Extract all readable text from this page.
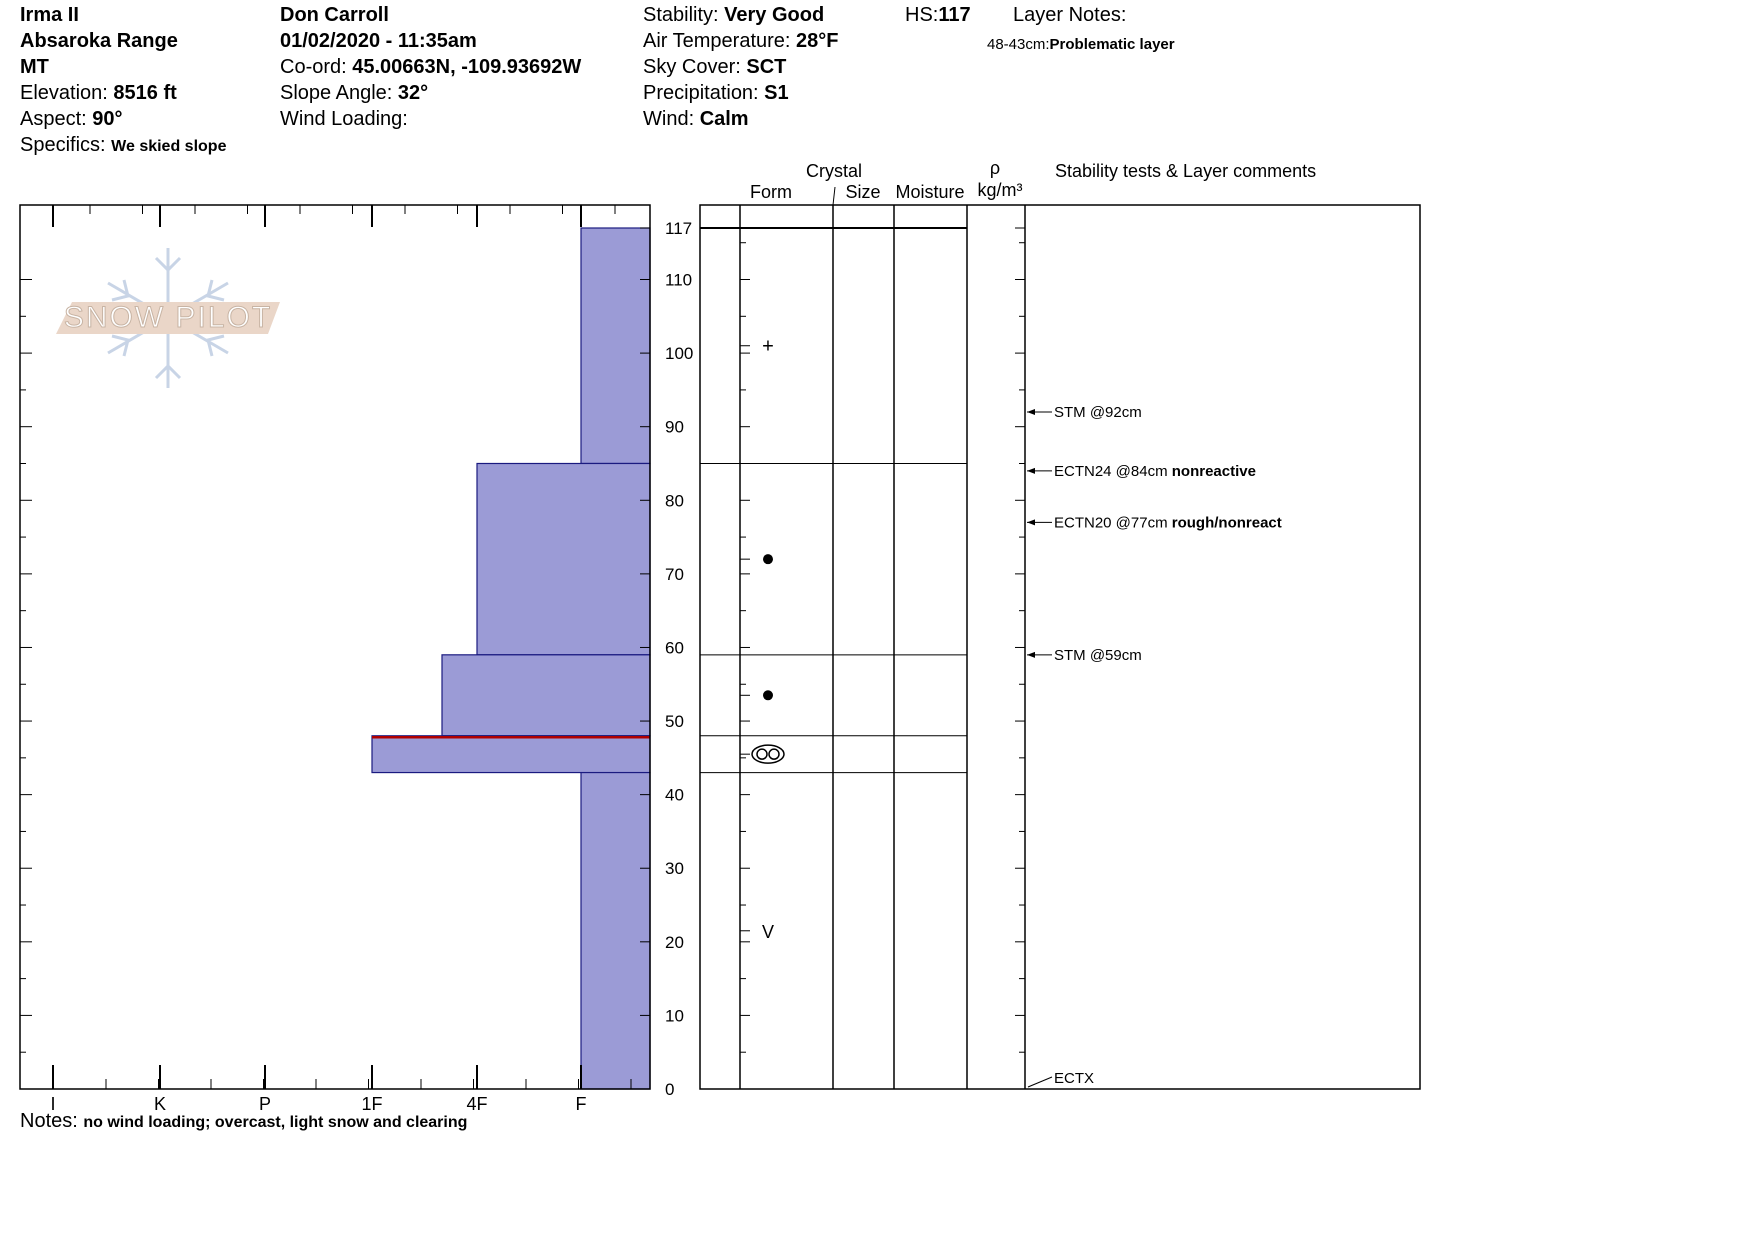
Irma II
Absaroka Range
MT
Elevation: 8516 ft
Aspect: 90°
Specifics: We skied slope
Don Carroll
01/02/2020 - 11:35am
Co-ord: 45.00663N, -109.93692W
Slope Angle: 32°
Wind Loading:
Stability: Very Good
Air Temperature: 28°F
Sky Cover: SCT
Precipitation: S1
Wind: Calm
HS:117 Layer Notes:
48-43cm:Problematic layer
Notes: no wind loading; overcast, light snow and clearing
SNOW PILOT
I	K	P	1F	4F	F
0
10
20
30
40
50
60
70
80
90
100
110
117
Crystal
Form	Size Moisture
ρ
kg/m³
Stability tests & Layer comments
+
V
STM @92cm
ECTN24 @84cm nonreactive
ECTN20 @77cm rough/nonreact
STM @59cm
ECTX
